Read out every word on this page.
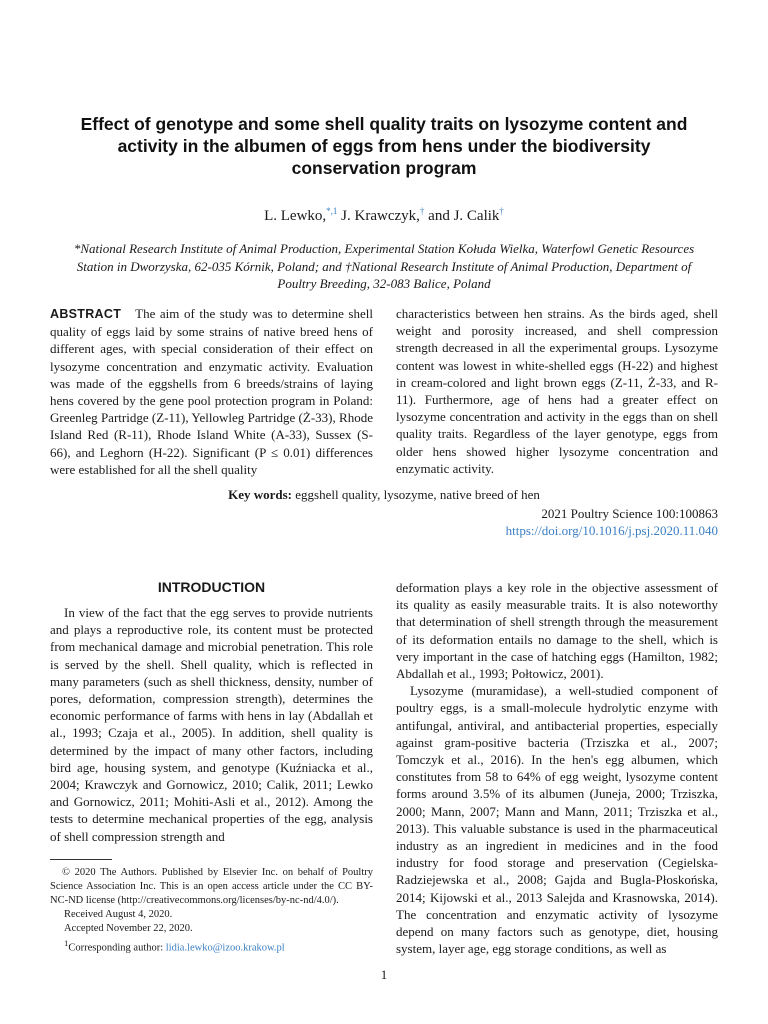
Effect of genotype and some shell quality traits on lysozyme content and activity in the albumen of eggs from hens under the biodiversity conservation program
L. Lewko,$^{*,1}$ J. Krawczyk,† and J. Calik†
*National Research Institute of Animal Production, Experimental Station Kołuda Wielka, Waterfowl Genetic Resources Station in Dworzyska, 62-035 Kórnik, Poland; and †National Research Institute of Animal Production, Department of Poultry Breeding, 32-083 Balice, Poland
ABSTRACT The aim of the study was to determine shell quality of eggs laid by some strains of native breed hens of different ages, with special consideration of their effect on lysozyme concentration and enzymatic activity. Evaluation was made of the eggshells from 6 breeds/strains of laying hens covered by the gene pool protection program in Poland: Greenleg Partridge (Z-11), Yellowleg Partridge (Ż-33), Rhode Island Red (R-11), Rhode Island White (A-33), Sussex (S-66), and Leghorn (H-22). Significant (P ≤ 0.01) differences were established for all the shell quality
characteristics between hen strains. As the birds aged, shell weight and porosity increased, and shell compression strength decreased in all the experimental groups. Lysozyme content was lowest in white-shelled eggs (H-22) and highest in cream-colored and light brown eggs (Z-11, Ż-33, and R-11). Furthermore, age of hens had a greater effect on lysozyme concentration and activity in the eggs than on shell quality traits. Regardless of the layer genotype, eggs from older hens showed higher lysozyme concentration and enzymatic activity.
Key words: eggshell quality, lysozyme, native breed of hen
2021 Poultry Science 100:100863
https://doi.org/10.1016/j.psj.2020.11.040
INTRODUCTION

In view of the fact that the egg serves to provide nutrients and plays a reproductive role, its content must be protected from mechanical damage and microbial penetration. This role is served by the shell. Shell quality, which is reflected in many parameters (such as shell thickness, density, number of pores, deformation, compression strength), determines the economic performance of farms with hens in lay (Abdallah et al., 1993; Czaja et al., 2005). In addition, shell quality is determined by the impact of many other factors, including bird age, housing system, and genotype (Kuźniacka et al., 2004; Krawczyk and Gornowicz, 2010; Calik, 2011; Lewko and Gornowicz, 2011; Mohiti-Asli et al., 2012). Among the tests to determine mechanical properties of the egg, analysis of shell compression strength and

deformation plays a key role in the objective assessment of its quality as easily measurable traits. It is also noteworthy that determination of shell strength through the measurement of its deformation entails no damage to the shell, which is very important in the case of hatching eggs (Hamilton, 1982; Abdallah et al., 1993; Połtowicz, 2001).

Lysozyme (muramidase), a well-studied component of poultry eggs, is a small-molecule hydrolytic enzyme with antifungal, antiviral, and antibacterial properties, especially against gram-positive bacteria (Trziszka et al., 2007; Tomczyk et al., 2016). In the hen's egg albumen, which constitutes from 58 to 64% of egg weight, lysozyme content forms around 3.5% of its albumen (Juneja, 2000; Trziszka, 2000; Mann, 2007; Mann and Mann, 2011; Trziszka et al., 2013). This valuable substance is used in the pharmaceutical industry as an ingredient in medicines and in the food industry for food storage and preservation (Cegielska-Radziejewska et al., 2008; Gajda and Bugla-Płoskońska, 2014; Kijowski et al., 2013 Salejda and Krasnowska, 2014). The concentration and enzymatic activity of lysozyme depend on many factors such as genotype, diet, housing system, layer age, egg storage conditions, as well as

© 2020 The Authors. Published by Elsevier Inc. on behalf of Poultry Science Association Inc. This is an open access article under the CC BY-NC-ND license (http://creativecommons.org/licenses/by-nc-nd/4.0/).
Received August 4, 2020.
Accepted November 22, 2020.
$^1$Corresponding author: lidia.lewko@izoo.krakow.pl
1
